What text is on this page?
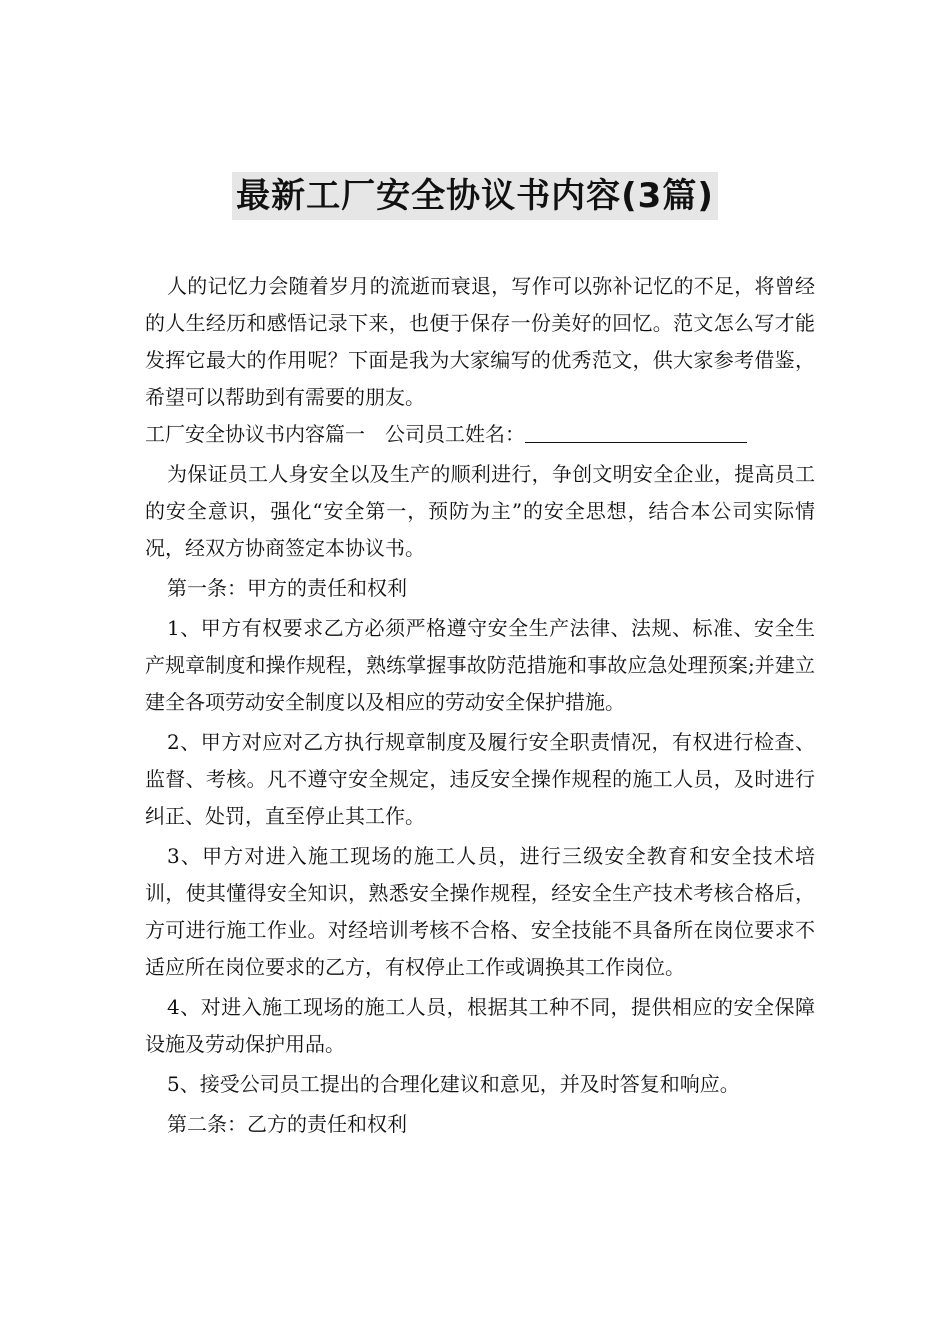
最新工厂安全协议书内容(3篇)

人的记忆力会随着岁月的流逝而衰退，写作可以弥补记忆的不足，将曾经的人生经历和感悟记录下来，也便于保存一份美好的回忆。范文怎么写才能发挥它最大的作用呢？下面是我为大家编写的优秀范文，供大家参考借鉴，希望可以帮助到有需要的朋友。

工厂安全协议书内容篇一　 公司员工姓名：

为保证员工人身安全以及生产的顺利进行，争创文明安全企业，提高员工的安全意识，强化“安全第一，预防为主”的安全思想，结合本公司实际情况，经双方协商签定本协议书。

第一条：甲方的责任和权利

1、甲方有权要求乙方必须严格遵守安全生产法律、法规、标准、安全生产规章制度和操作规程，熟练掌握事故防范措施和事故应急处理预案;并建立建全各项劳动安全制度以及相应的劳动安全保护措施。

2、甲方对应对乙方执行规章制度及履行安全职责情况，有权进行检查、监督、考核。凡不遵守安全规定，违反安全操作规程的施工人员，及时进行纠正、处罚，直至停止其工作。

3、甲方对进入施工现场的施工人员，进行三级安全教育和安全技术培训，使其懂得安全知识，熟悉安全操作规程，经安全生产技术考核合格后，方可进行施工作业。对经培训考核不合格、安全技能不具备所在岗位要求不适应所在岗位要求的乙方，有权停止工作或调换其工作岗位。

4、对进入施工现场的施工人员，根据其工种不同，提供相应的安全保障设施及劳动保护用品。

5、接受公司员工提出的合理化建议和意见，并及时答复和响应。

第二条：乙方的责任和权利
